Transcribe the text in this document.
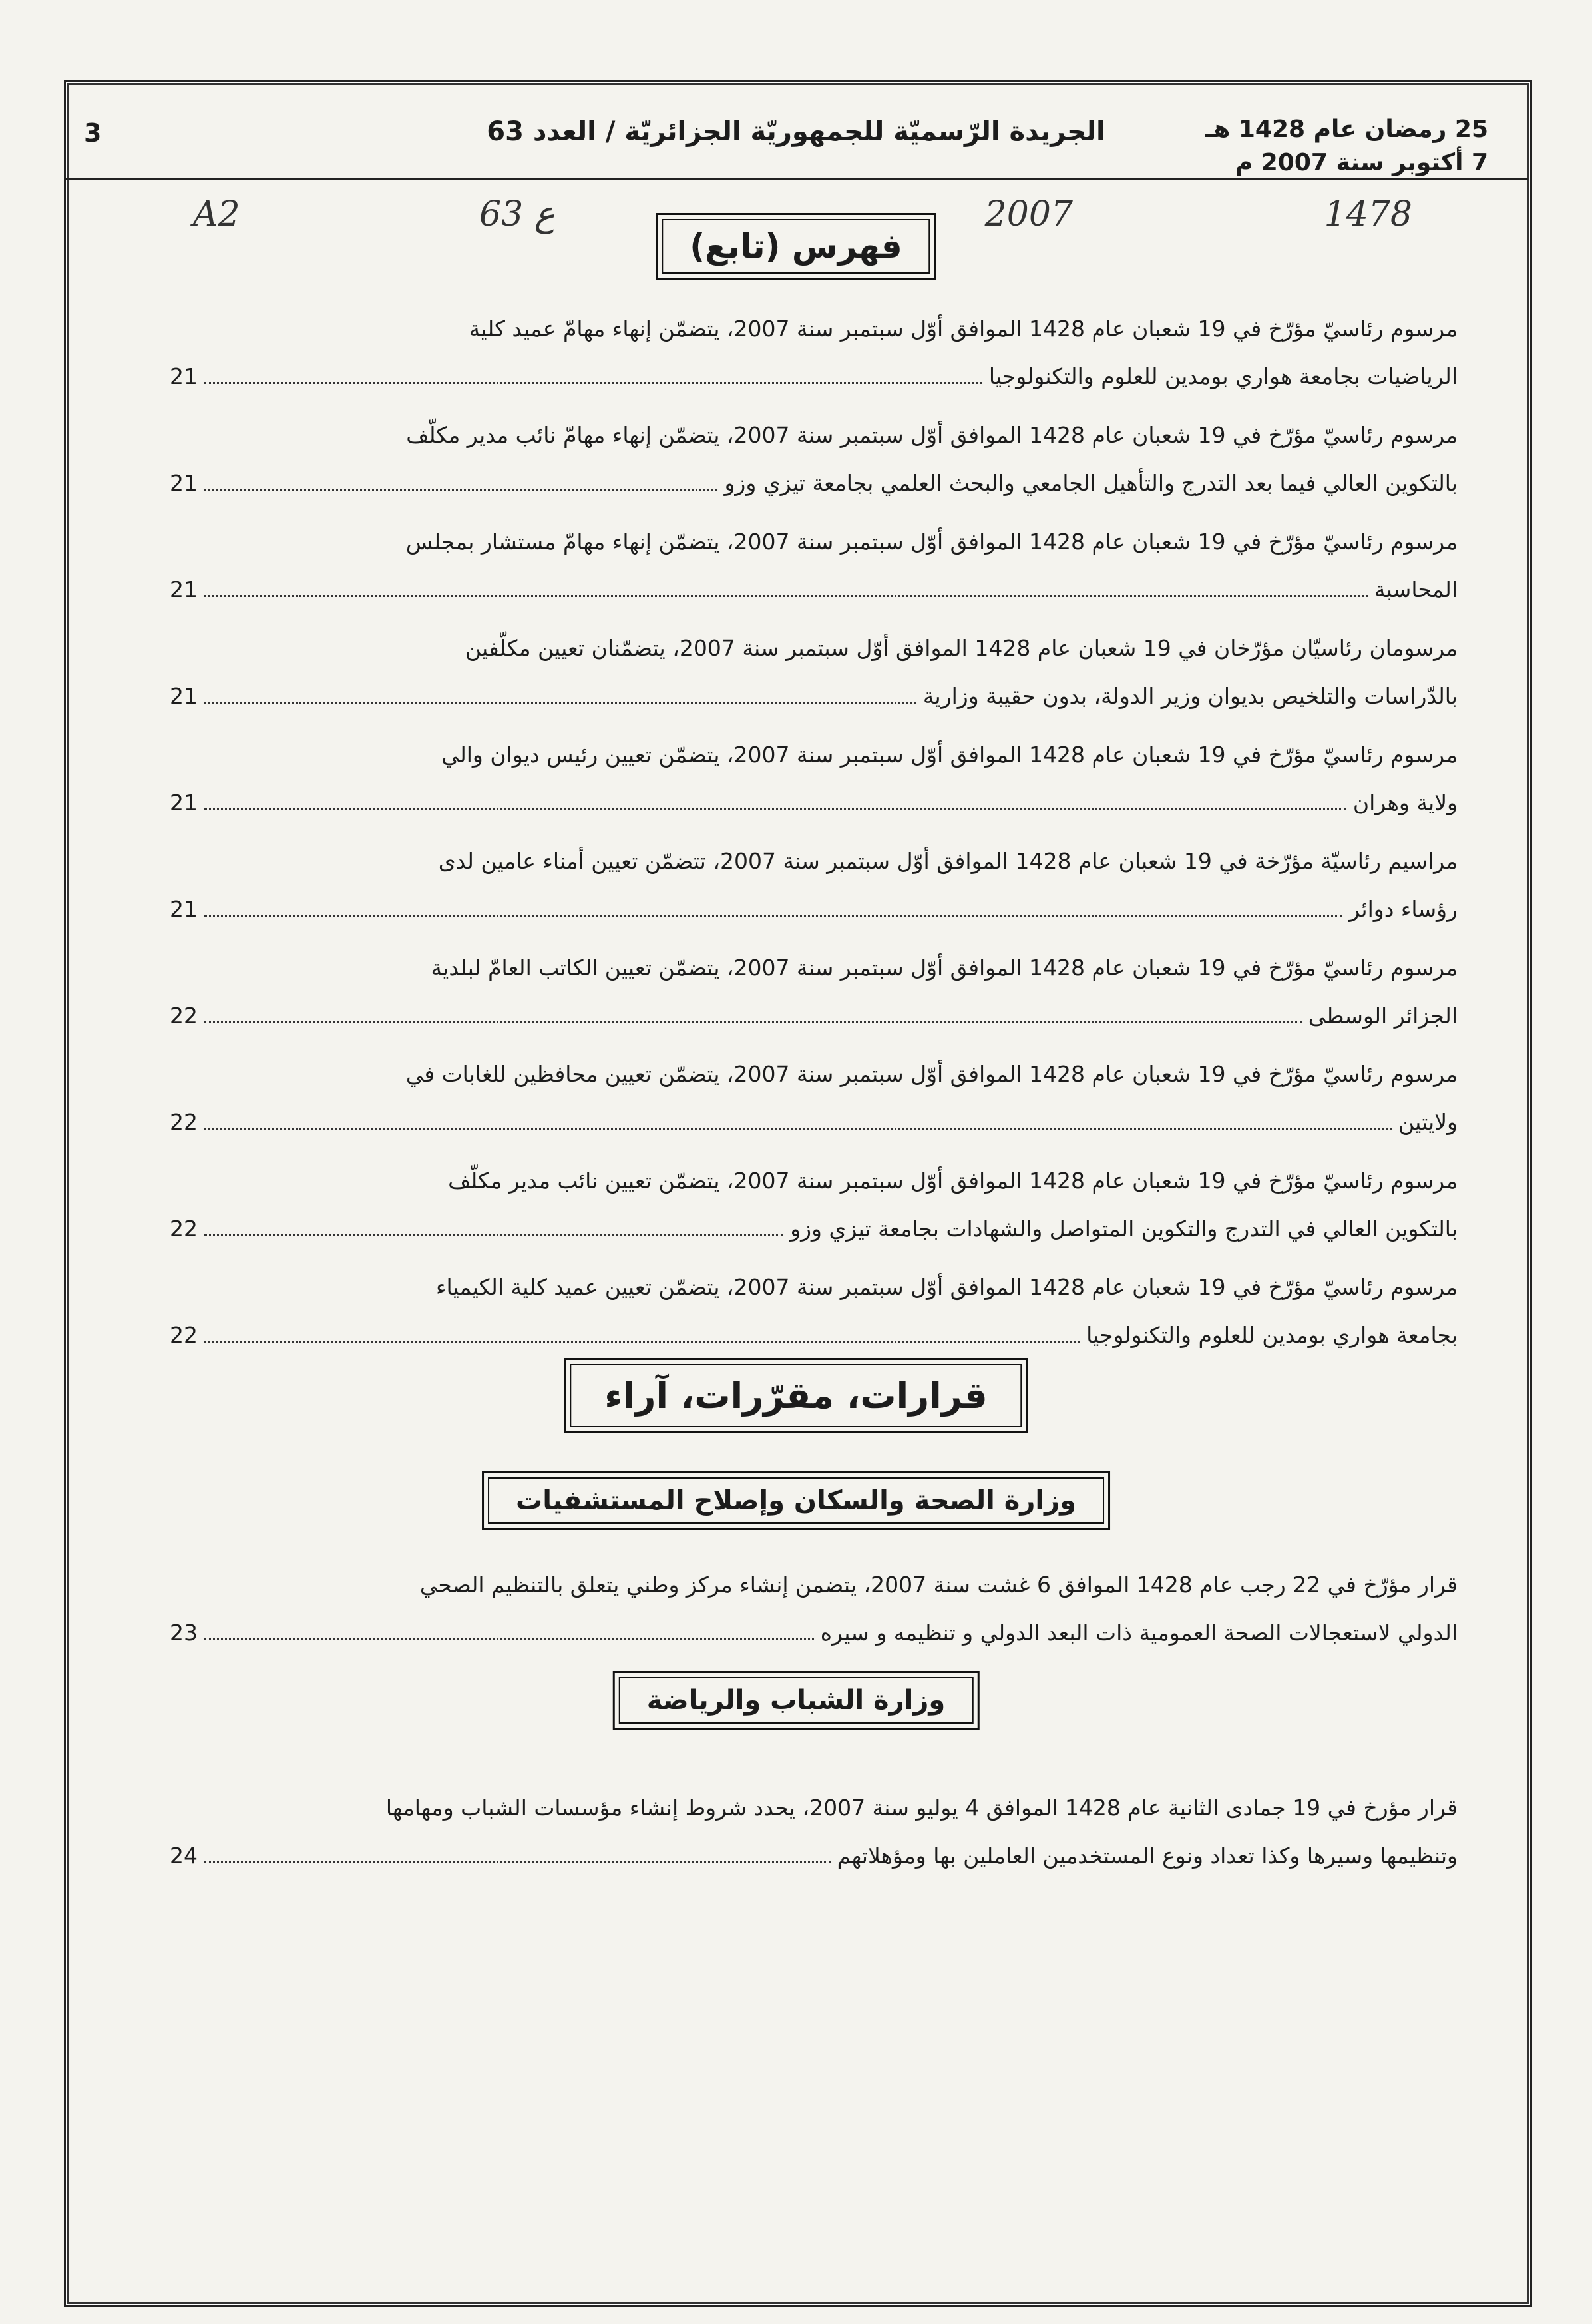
25 رمضان عام 1428 هـ
7 أكتوبر سنة 2007 م
الجريدة الرّسميّة للجمهوريّة الجزائريّة / العدد 63
3
1478
2007
63 ع
A2
فهرس (تابع)
مرسوم رئاسيّ مؤرّخ في 19 شعبان عام 1428 الموافق أوّل سبتمبر سنة 2007، يتضمّن إنهاء مهامّ عميد كلية
الرياضيات بجامعة هواري بومدين للعلوم والتكنولوجيا
21
مرسوم رئاسيّ مؤرّخ في 19 شعبان عام 1428 الموافق أوّل سبتمبر سنة 2007، يتضمّن إنهاء مهامّ نائب مدير مكلّف
بالتكوين العالي فيما بعد التدرج والتأهيل الجامعي والبحث العلمي بجامعة تيزي وزو
21
مرسوم رئاسيّ مؤرّخ في 19 شعبان عام 1428 الموافق أوّل سبتمبر سنة 2007، يتضمّن إنهاء مهامّ مستشار بمجلس
المحاسبة
21
مرسومان رئاسيّان مؤرّخان في 19 شعبان عام 1428 الموافق أوّل سبتمبر سنة 2007، يتضمّنان تعيين مكلّفين
بالدّراسات والتلخيص بديوان وزير الدولة، بدون حقيبة وزارية
21
مرسوم رئاسيّ مؤرّخ في 19 شعبان عام 1428 الموافق أوّل سبتمبر سنة 2007، يتضمّن تعيين رئيس ديوان والي
ولاية وهران
21
مراسيم رئاسيّة مؤرّخة في 19 شعبان عام 1428 الموافق أوّل سبتمبر سنة 2007، تتضمّن تعيين أمناء عامين لدى
رؤساء دوائر
21
مرسوم رئاسيّ مؤرّخ في 19 شعبان عام 1428 الموافق أوّل سبتمبر سنة 2007، يتضمّن تعيين الكاتب العامّ لبلدية
الجزائر الوسطى
22
مرسوم رئاسيّ مؤرّخ في 19 شعبان عام 1428 الموافق أوّل سبتمبر سنة 2007، يتضمّن تعيين محافظين للغابات في
ولايتين
22
مرسوم رئاسيّ مؤرّخ في 19 شعبان عام 1428 الموافق أوّل سبتمبر سنة 2007، يتضمّن تعيين نائب مدير مكلّف
بالتكوين العالي في التدرج والتكوين المتواصل والشهادات بجامعة تيزي وزو
22
مرسوم رئاسيّ مؤرّخ في 19 شعبان عام 1428 الموافق أوّل سبتمبر سنة 2007، يتضمّن تعيين عميد كلية الكيمياء
بجامعة هواري بومدين للعلوم والتكنولوجيا
22
قرارات، مقرّرات، آراء
وزارة الصحة والسكان وإصلاح المستشفيات
قرار مؤرّخ في 22 رجب عام 1428 الموافق 6 غشت سنة 2007، يتضمن إنشاء مركز وطني يتعلق بالتنظيم الصحي
الدولي لاستعجالات الصحة العمومية ذات البعد الدولي و تنظيمه و سيره
23
وزارة الشباب والرياضة
قرار مؤرخ في 19 جمادى الثانية عام 1428 الموافق 4 يوليو سنة 2007، يحدد شروط إنشاء مؤسسات الشباب ومهامها
وتنظيمها وسيرها وكذا تعداد ونوع المستخدمين العاملين بها ومؤهلاتهم
24
